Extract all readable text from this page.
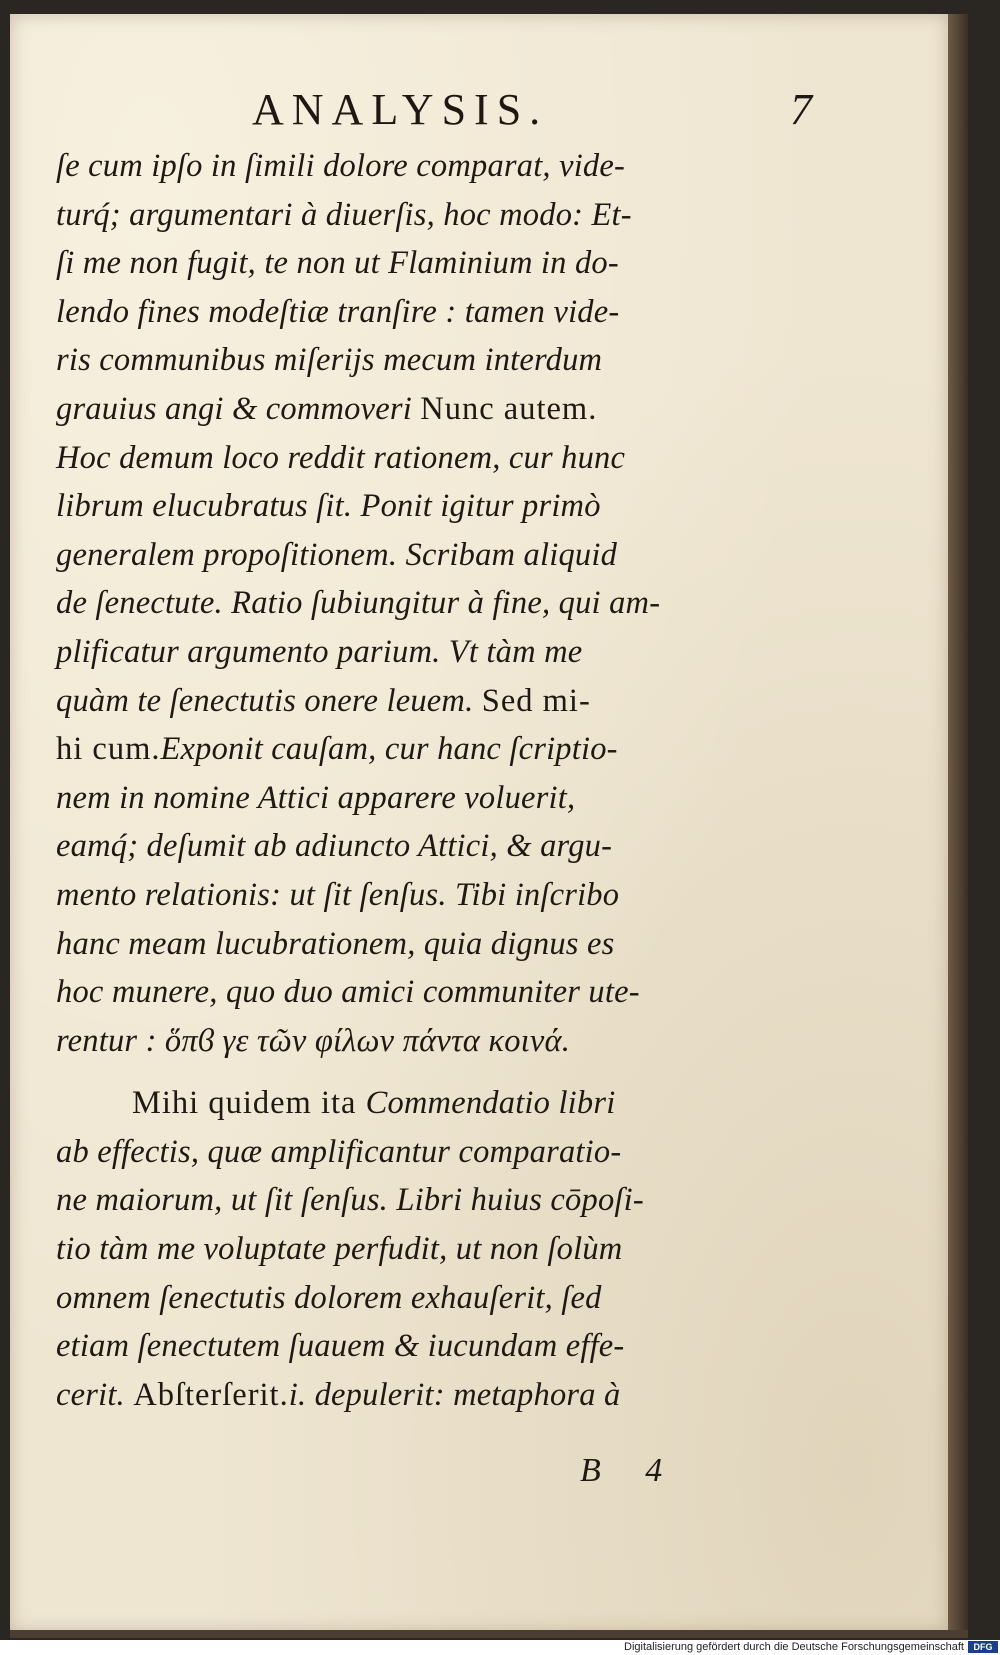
ANALYSIS.	7
ſe cum ipſo in ſimili dolore comparat, vide-
turq́; argumentari à diuerſis, hoc modo: Et-
ſi me non fugit, te non ut Flaminium in do-
lendo fines modeſtiæ tranſire : tamen vide-
ris communibus miſerijs mecum interdum
grauius angi & commoveri Nunc autem.
Hoc demum loco reddit rationem, cur hunc
librum elucubratus ſit. Ponit igitur primò
generalem propoſitionem. Scribam aliquid
de ſenectute. Ratio ſubiungitur à fine, qui am-
plificatur argumento parium. Vt tàm me
quàm te ſenectutis onere leuem. Sed mi-
hi cum.Exponit cauſam, cur hanc ſcriptio-
nem in nomine Attici apparere voluerit,
eamq́; deſumit ab adiuncto Attici, & argu-
mento relationis: ut ſit ſenſus. Tibi inſcribo
hanc meam lucubrationem, quia dignus es
hoc munere, quo duo amici communiter ute-
rentur : ὅπϐ γε τῶν φίλων πάντα κοινά.
Mihi quidem ita Commendatio libri
ab effectis, quæ amplificantur comparatio-
ne maiorum, ut ſit ſenſus. Libri huius cōpoſi-
tio tàm me voluptate perfudit, ut non ſolùm
omnem ſenectutis dolorem exhauſerit, ſed
etiam ſenectutem ſuauem & iucundam effe-
cerit. Abſterſerit.i. depulerit: metaphora à
B 4
Digitalisierung gefördert durch die Deutsche Forschungsgemeinschaft	DFG
